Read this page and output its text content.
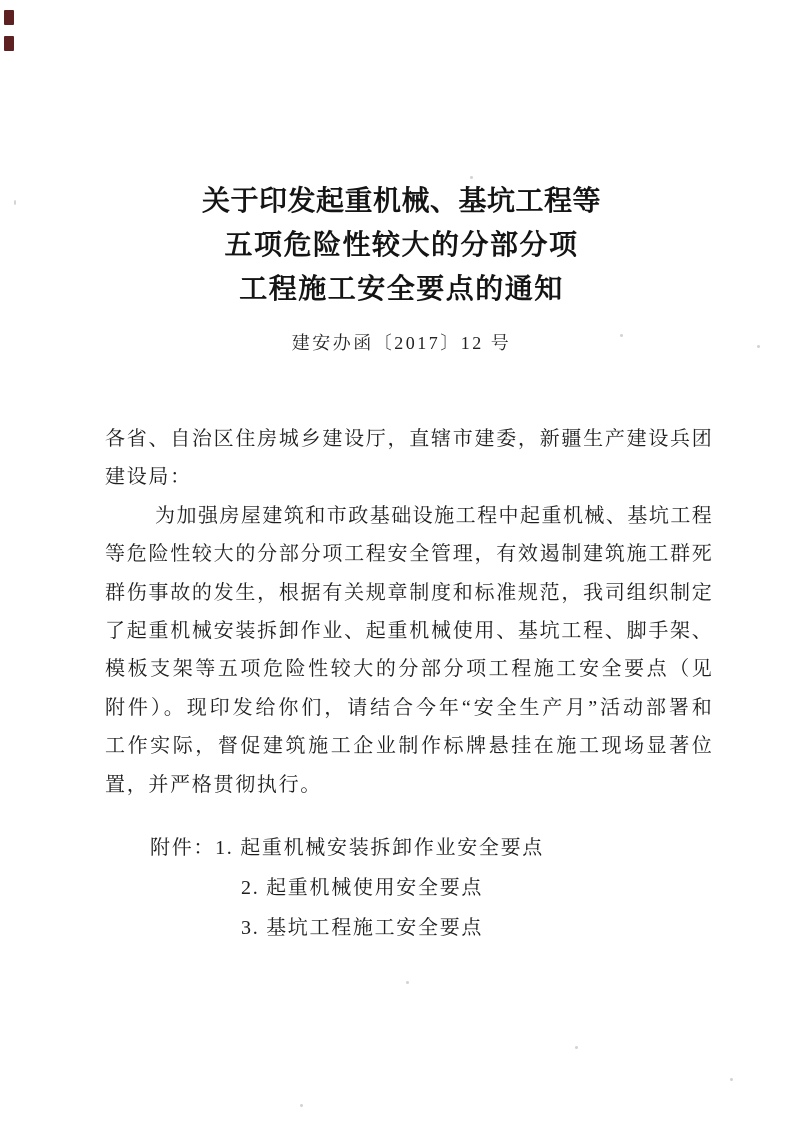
关于印发起重机械、基坑工程等
五项危险性较大的分部分项
工程施工安全要点的通知
建安办函〔2017〕12 号
各省、自治区住房城乡建设厅，直辖市建委，新疆生产建设兵团
建设局：
为加强房屋建筑和市政基础设施工程中起重机械、基坑工程
等危险性较大的分部分项工程安全管理，有效遏制建筑施工群死
群伤事故的发生，根据有关规章制度和标准规范，我司组织制定
了起重机械安装拆卸作业、起重机械使用、基坑工程、脚手架、
模板支架等五项危险性较大的分部分项工程施工安全要点（见
附件）。现印发给你们，请结合今年“安全生产月”活动部署和
工作实际，督促建筑施工企业制作标牌悬挂在施工现场显著位
置，并严格贯彻执行。
附件：1. 起重机械安装拆卸作业安全要点
2. 起重机械使用安全要点
3. 基坑工程施工安全要点
